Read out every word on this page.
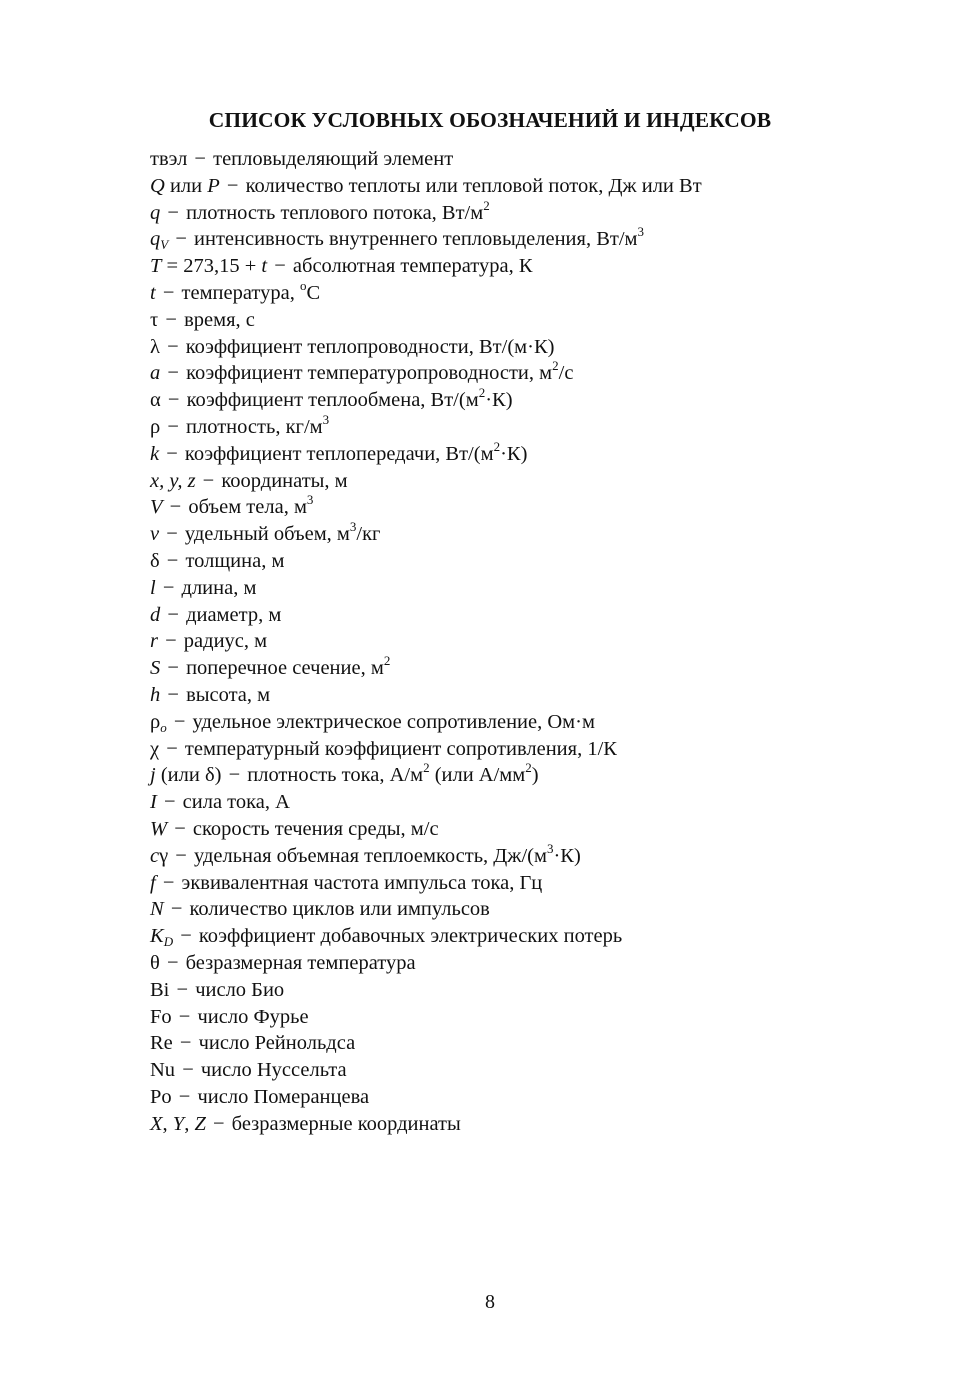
СПИСОК УСЛОВНЫХ ОБОЗНАЧЕНИЙ И ИНДЕКСОВ
твэл − тепловыделяющий элемент
Q или P − количество теплоты или тепловой поток, Дж или Вт
q − плотность теплового потока, $Вт/м^2$
$q_V$ − интенсивность внутреннего тепловыделения, $Вт/м^3$
T = 273,15 + t − абсолютная температура, К
t − температура, $^o$С
τ − время, с
λ − коэффициент теплопроводности, Вт/(м·К)
a − коэффициент температуропроводности, $м^2/с$
α − коэффициент теплообмена, $Вт/(м^2\cdot К)$
ρ − плотность, $кг/м^3$
k − коэффициент теплопередачи, $Вт/(м^2\cdot К)$
x, y, z − координаты, м
V − объем тела, $м^3$
v − удельный объем, $м^3/кг$
δ − толщина, м
l − длина, м
d − диаметр, м
r − радиус, м
S − поперечное сечение, $м^2$
h − высота, м
$\rho_o$ − удельное электрическое сопротивление, Ом·м
χ − температурный коэффициент сопротивления, 1/К
j (или δ) − плотность тока, $А/м^2$ (или $А/мм^2$)
I − сила тока, А
W − скорость течения среды, м/с
cγ − удельная объемная теплоемкость, $Дж/(м^3\cdot К)$
f − эквивалентная частота импульса тока, Гц
N − количество циклов или импульсов
$K_D$ − коэффициент добавочных электрических потерь
θ − безразмерная температура
Bi − число Био
Fo − число Фурье
Re − число Рейнольдса
Nu − число Нуссельта
Po − число Померанцева
X, Y, Z − безразмерные координаты
8
